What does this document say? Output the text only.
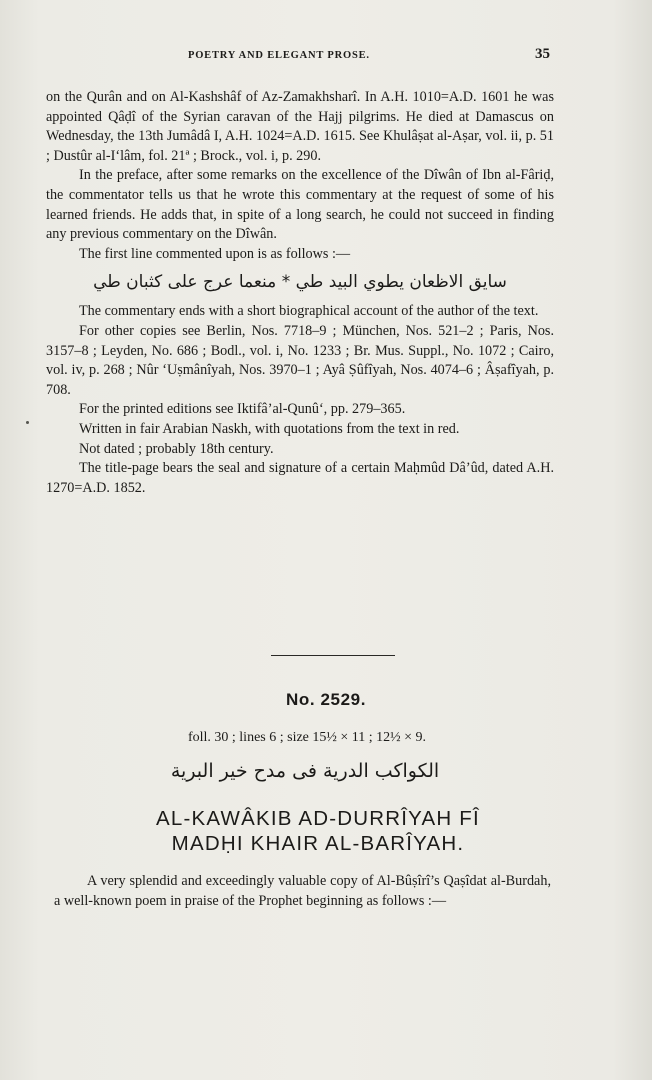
POETRY AND ELEGANT PROSE.	35

on the Qurân and on Al-Kashshâf of Az-Zamakhsharî. In A.H. 1010=A.D. 1601 he was appointed Qâḍî of the Syrian caravan of the Hajj pilgrims. He died at Damascus on Wednesday, the 13th Jumâdâ I, A.H. 1024=A.D. 1615. See Khulâṣat al-Aṣar, vol. ii, p. 51 ; Dustûr al-I‘lâm, fol. 21ª ; Brock., vol. i, p. 290.

In the preface, after some remarks on the excellence of the Dîwân of Ibn al-Fâriḍ, the commentator tells us that he wrote this commentary at the request of some of his learned friends. He adds that, in spite of a long search, he could not succeed in finding any previous commentary on the Dîwân.

The first line commented upon is as follows :—

سايق الاظعان يطوي البيد طي * منعما عرج على كثبان طي

The commentary ends with a short biographical account of the author of the text.

For other copies see Berlin, Nos. 7718–9 ; München, Nos. 521–2 ; Paris, Nos. 3157–8 ; Leyden, No. 686 ; Bodl., vol. i, No. 1233 ; Br. Mus. Suppl., No. 1072 ; Cairo, vol. iv, p. 268 ; Nûr ‘Uṣmânîyah, Nos. 3970–1 ; Ayâ Ṣûfîyah, Nos. 4074–6 ; Âṣafîyah, p. 708.

For the printed editions see Iktifâ’al-Qunû‘, pp. 279–365.

Written in fair Arabian Naskh, with quotations from the text in red.

Not dated ; probably 18th century.

The title-page bears the seal and signature of a certain Maḥmûd Dâ’ûd, dated A.H. 1270=A.D. 1852.

No. 2529.
foll. 30 ; lines 6 ; size 15½ × 11 ; 12½ × 9.
الكواكب الدرية فى مدح خير البرية
AL-KAWÂKIB AD-DURRÎYAH FÎ
MADḤI KHAIR AL-BARÎYAH.

A very splendid and exceedingly valuable copy of Al-Bûṣîrî’s Qaṣîdat al-Burdah, a well-known poem in praise of the Prophet beginning as follows :—
